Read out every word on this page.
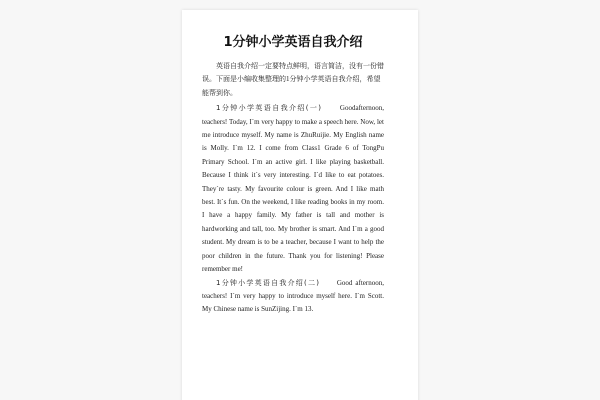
1分钟小学英语自我介绍

英语自我介绍一定要特点鲜明，语言简洁，没有一份错误。下面是小编收集整理的1分钟小学英语自我介绍，希望能帮到你。

1分钟小学英语自我介绍(一)	Goodafternoon, teachers! Today, I`m very happy to make a speech here. Now, let me introduce myself. My name is ZhuRuijie. My English name is Molly. I`m 12. I come from Class1 Grade 6 of TongPu Primary School. I`m an active girl. I like playing basketball. Because I think it`s very interesting. I`d like to eat potatoes. They`re tasty. My favourite colour is green. And I like math best. It`s fun. On the weekend, I like reading books in my room. I have a happy family. My father is tall and mother is hardworking and tall, too. My brother is smart. And I`m a good student. My dream is to be a teacher, because I want to help the poor children in the future. Thank you for listening! Please remember me!

1分钟小学英语自我介绍(二)	Good afternoon, teachers! I`m very happy to introduce myself here. I`m Scott. My Chinese name is SunZijing. I`m 13.
